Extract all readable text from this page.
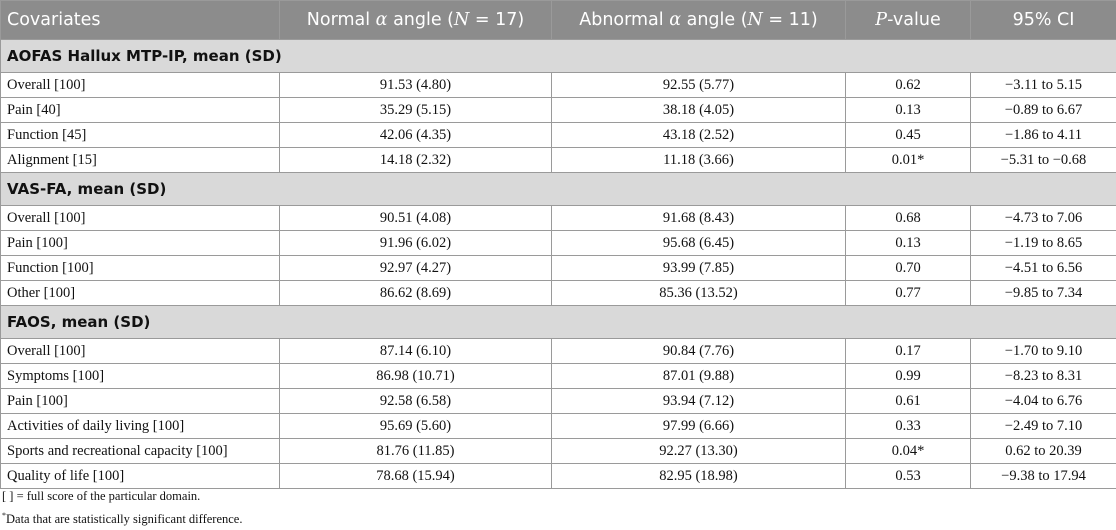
Covariates	Normal α angle (N = 17)	Abnormal α angle (N = 11)	P-value	95% CI
AOFAS Hallux MTP-IP, mean (SD)				
Overall [100]	91.53 (4.80)	92.55 (5.77)	0.62	−3.11 to 5.15
Pain [40]	35.29 (5.15)	38.18 (4.05)	0.13	−0.89 to 6.67
Function [45]	42.06 (4.35)	43.18 (2.52)	0.45	−1.86 to 4.11
Alignment [15]	14.18 (2.32)	11.18 (3.66)	0.01*	−5.31 to −0.68
VAS-FA, mean (SD)				
Overall [100]	90.51 (4.08)	91.68 (8.43)	0.68	−4.73 to 7.06
Pain [100]	91.96 (6.02)	95.68 (6.45)	0.13	−1.19 to 8.65
Function [100]	92.97 (4.27)	93.99 (7.85)	0.70	−4.51 to 6.56
Other [100]	86.62 (8.69)	85.36 (13.52)	0.77	−9.85 to 7.34
FAOS, mean (SD)				
Overall [100]	87.14 (6.10)	90.84 (7.76)	0.17	−1.70 to 9.10
Symptoms [100]	86.98 (10.71)	87.01 (9.88)	0.99	−8.23 to 8.31
Pain [100]	92.58 (6.58)	93.94 (7.12)	0.61	−4.04 to 6.76
Activities of daily living [100]	95.69 (5.60)	97.99 (6.66)	0.33	−2.49 to 7.10
Sports and recreational capacity [100]	81.76 (11.85)	92.27 (13.30)	0.04*	0.62 to 20.39
Quality of life [100]	78.68 (15.94)	82.95 (18.98)	0.53	−9.38 to 17.94
[ ] = full score of the particular domain.
*Data that are statistically significant difference.
